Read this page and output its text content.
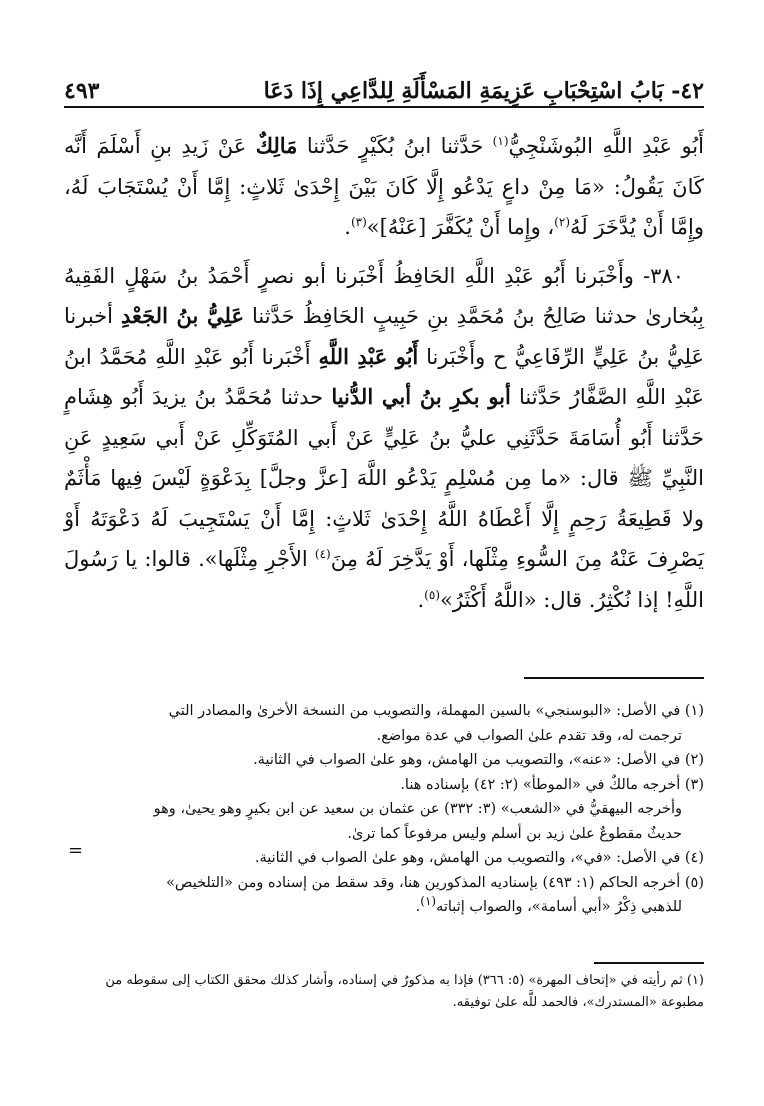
٤٢- بَابُ اسْتِحْبَابِ عَزِيمَةِ المَسْأَلَةِ لِلدَّاعِي إِذَا دَعَا
٤٩٣

أَبُو عَبْدِ اللَّهِ البُوشَنْجِيُّ$^{(١)}$ حَدَّثنا ابنُ بُكَيْرٍ حَدَّثنا مَالِكٌ عَنْ زَيدِ بنِ أَسْلَمَ أَنَّه كَانَ يَقُولُ: «مَا مِنْ داعٍ يَدْعُو إِلَّا كَانَ بَيْنَ إِحْدَىٰ ثَلاثٍ: إِمَّا أَنْ يُسْتَجَابَ لَهُ، وإِمَّا أَنْ يُدَّخَرَ لَهُ$^{(٢)}$، وإِما أَنْ يُكَفَّرَ [عَنْهُ]»$^{(٣)}$.

٣٨٠- وأَخْبَرنا أَبُو عَبْدِ اللَّهِ الحَافِظُ أَخْبَرنا أبو نصرٍ أَحْمَدُ بنُ سَهْلٍ الفَقِيهُ بِبُخارىٰ حدثنا صَالِحُ بنُ مُحَمَّدِ بنِ حَبِيبٍ الحَافِظُ حَدَّثنا عَلِيُّ بنُ الجَعْدِ أخبرنا عَلِيُّ بنُ عَلِيٍّ الرِّفَاعِيُّ ح وأَخْبَرنا أَبُو عَبْدِ اللَّهِ أَخْبَرنا أَبُو عَبْدِ اللَّهِ مُحَمَّدُ ابنُ عَبْدِ اللَّهِ الصَّفَّارُ حَدَّثنا أبو بكرِ بنُ أبي الدُّنيا حدثنا مُحَمَّدُ بنُ يزيدَ أَبُو هِشَامٍ حَدَّثنا أَبُو أُسَامَةَ حَدَّثَنِي عليُّ بنُ عَلِيٍّ عَنْ أَبي المُتَوَكِّلِ عَنْ أَبي سَعِيدٍ عَنِ النَّبِيِّ ﷺ قال: «ما مِن مُسْلِمٍ يَدْعُو اللَّهَ [عزَّ وجلَّ] بِدَعْوَةٍ لَيْسَ فِيها مَأْثَمٌ ولا قَطِيعَةُ رَحِمٍ إِلَّا أَعْطَاهُ اللَّهُ إِحْدَىٰ ثَلاثٍ: إِمَّا أَنْ يَسْتَجِيبَ لَهُ دَعْوَتَهُ أَوْ يَصْرِفَ عَنْهُ مِنَ السُّوءِ مِثْلَها، أَوْ يَدَّخِرَ لَهُ مِنَ$^{(٤)}$ الأَجْرِ مِثْلَها». قالوا: يا رَسُولَ اللَّهِ! إذا نُكْثِرُ. قال: «اللَّهُ أَكْثَرُ»$^{(٥)}$.

(١) في الأصل: «البوسنجي» بالسين المهملة، والتصويب من النسخة الأخرىٰ والمصادر التي

ترجمت له، وقد تقدم علىٰ الصواب في عدة مواضع.

(٢) في الأصل: «عنه»، والتصويب من الهامش، وهو علىٰ الصواب في الثانية.

(٣) أخرجه مالكٌ في «الموطأ» (٢: ٤٢) بإسناده هنا.

وأخرجه البيهقيُّ في «الشعب» (٣: ٣٣٢) عن عثمان بن سعيد عن ابن بكيرٍ وهو يحيىٰ، وهو

حديثٌ مقطوعٌ علىٰ زيد بن أسلم وليس مرفوعاً كما ترىٰ.

(٤) في الأصل: «في»، والتصويب من الهامش، وهو علىٰ الصواب في الثانية.

(٥) أخرجه الحاكم (١: ٤٩٣) بإسناديه المذكورين هنا، وقد سقط من إسناده ومن «التلخيص»

للذهبي ذِكْرُ «أبي أسامة»، والصواب إثباته$^{(١)}$.

=

(١) ثم رأيته في «إتحاف المهرة» (٥: ٣٦٦) فإذا به مذكورٌ في إسناده، وأشار كذلك محقق الكتاب إلى سقوطه من

مطبوعة «المستدرك»، فالحمد للَّه علىٰ توفيقه.
